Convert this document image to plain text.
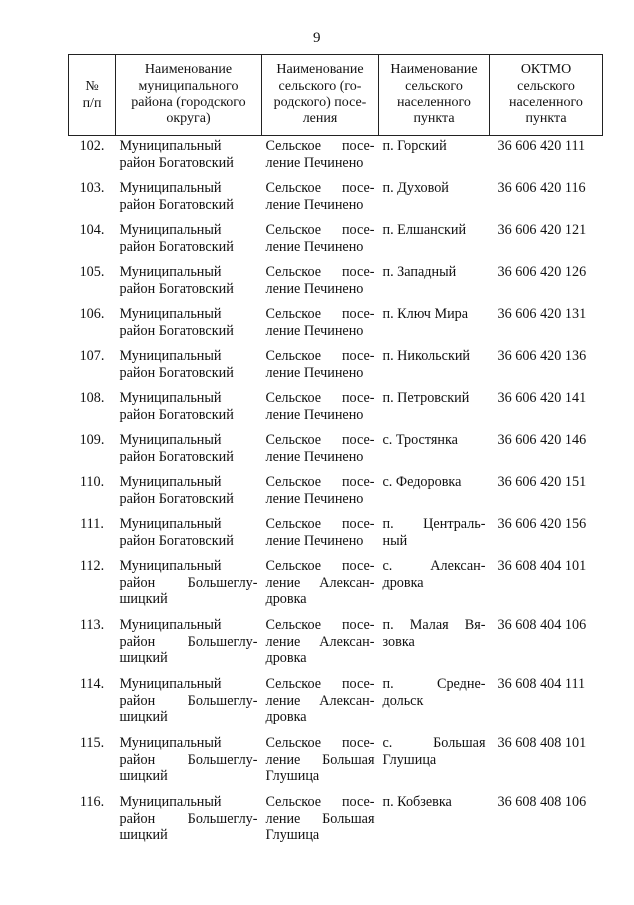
9
№
п/п	Наименование
муниципального
района (городского
округа)	Наименование
сельского (го-
родского) посе-
ления	Наименование
сельского
населенного
пункта	ОКТМО
сельского
населенного
пункта

102.	Муниципальный
район Богатовский	Сельское посе-
ление Печинено	п. Горский	36 606 420 111
103.	Муниципальный
район Богатовский	Сельское посе-
ление Печинено	п. Духовой	36 606 420 116
104.	Муниципальный
район Богатовский	Сельское посе-
ление Печинено	п. Елшанский	36 606 420 121
105.	Муниципальный
район Богатовский	Сельское посе-
ление Печинено	п. Западный	36 606 420 126
106.	Муниципальный
район Богатовский	Сельское посе-
ление Печинено	п. Ключ Мира	36 606 420 131
107.	Муниципальный
район Богатовский	Сельское посе-
ление Печинено	п. Никольский	36 606 420 136
108.	Муниципальный
район Богатовский	Сельское посе-
ление Печинено	п. Петровский	36 606 420 141
109.	Муниципальный
район Богатовский	Сельское посе-
ление Печинено	с. Тростянка	36 606 420 146
110.	Муниципальный
район Богатовский	Сельское посе-
ление Печинено	с. Федоровка	36 606 420 151
111.	Муниципальный
район Богатовский	Сельское посе-
ление Печинено	п. Централь-
ный	36 606 420 156
112.	Муниципальный
район Большеглу-
шицкий	Сельское посе-
ление Алексан-
дровка	с. Алексан-
дровка	36 608 404 101
113.	Муниципальный
район Большеглу-
шицкий	Сельское посе-
ление Алексан-
дровка	п. Малая Вя-
зовка	36 608 404 106
114.	Муниципальный
район Большеглу-
шицкий	Сельское посе-
ление Алексан-
дровка	п. Средне-
дольск	36 608 404 111
115.	Муниципальный
район Большеглу-
шицкий	Сельское посе-
ление Большая
Глушица	с. Большая
Глушица	36 608 408 101
116.	Муниципальный
район Большеглу-
шицкий	Сельское посе-
ление Большая
Глушица	п. Кобзевка	36 608 408 106
